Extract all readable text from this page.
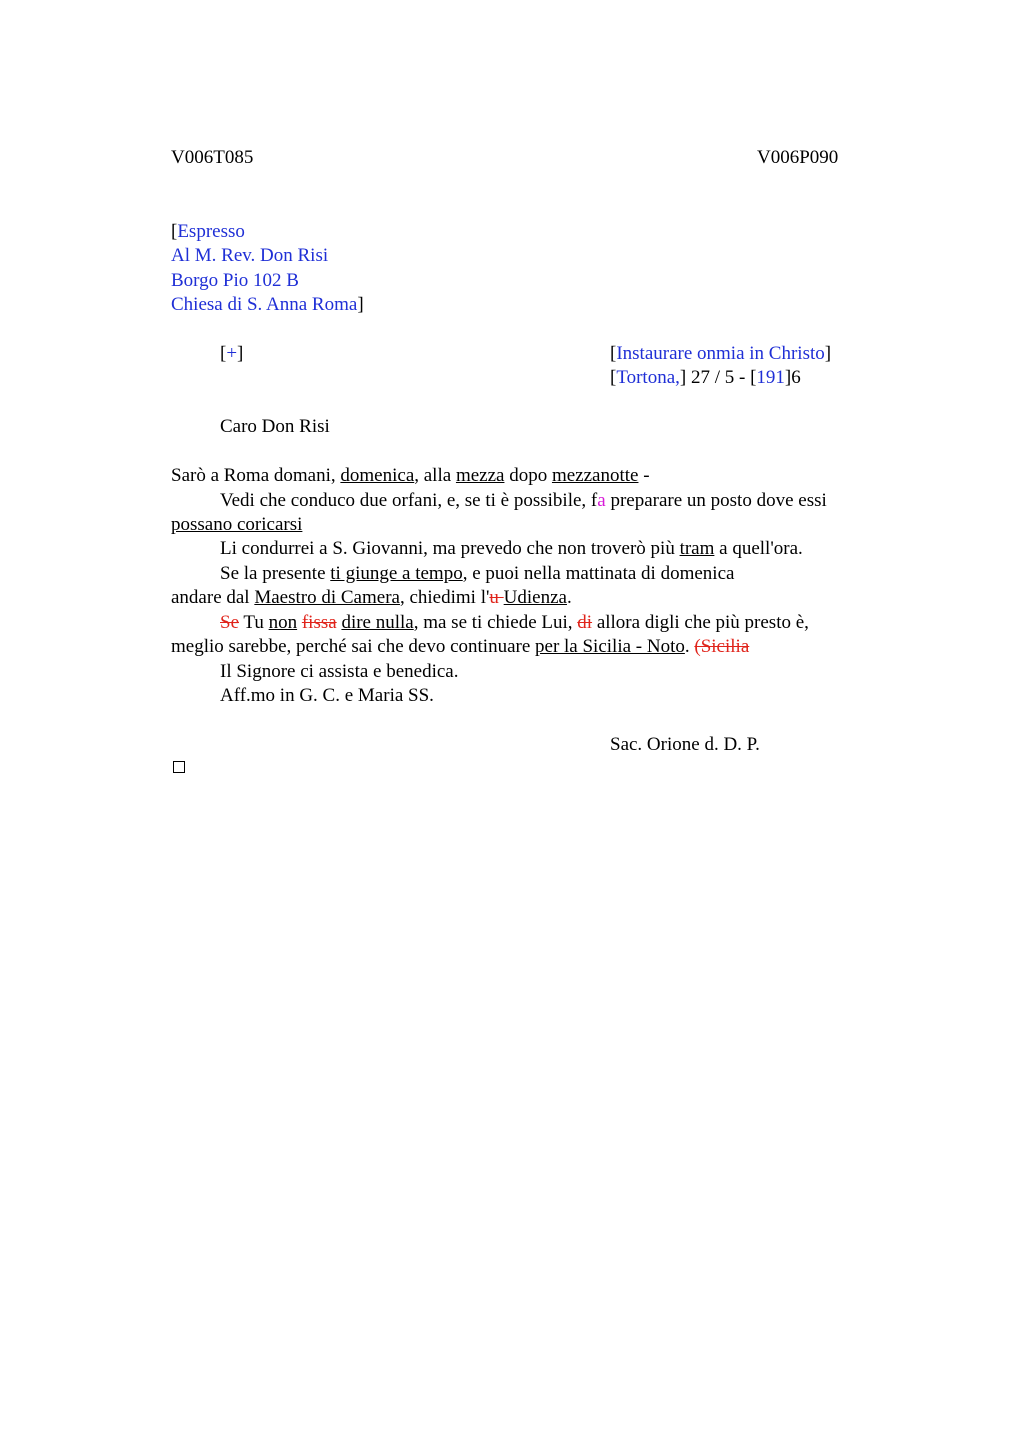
V006T085	V006P090
[Espresso
Al M. Rev. Don Risi
Borgo Pio 102 B
Chiesa di S. Anna Roma]
[+]	[Instaurare onmia in Christo]
[Tortona,] 27 / 5 - [191]6
Caro Don Risi
Sarò a Roma domani, domenica, alla mezza dopo mezzanotte -
Vedi che conduco due orfani, e, se ti è possibile, fa preparare un posto dove essi
possano coricarsi
Li condurrei a S. Giovanni, ma prevedo che non troverò più tram a quell'ora.
Se la presente ti giunge a tempo, e puoi nella mattinata di domenica
andare dal Maestro di Camera, chiedimi l'u Udienza.
Se Tu non fissa dire nulla, ma se ti chiede Lui, di allora digli che più presto è,
meglio sarebbe, perché sai che devo continuare per la Sicilia - Noto. (Sicilia
Il Signore ci assista e benedica.
Aff.mo in G. C. e Maria SS.
Sac. Orione d. D. P.
